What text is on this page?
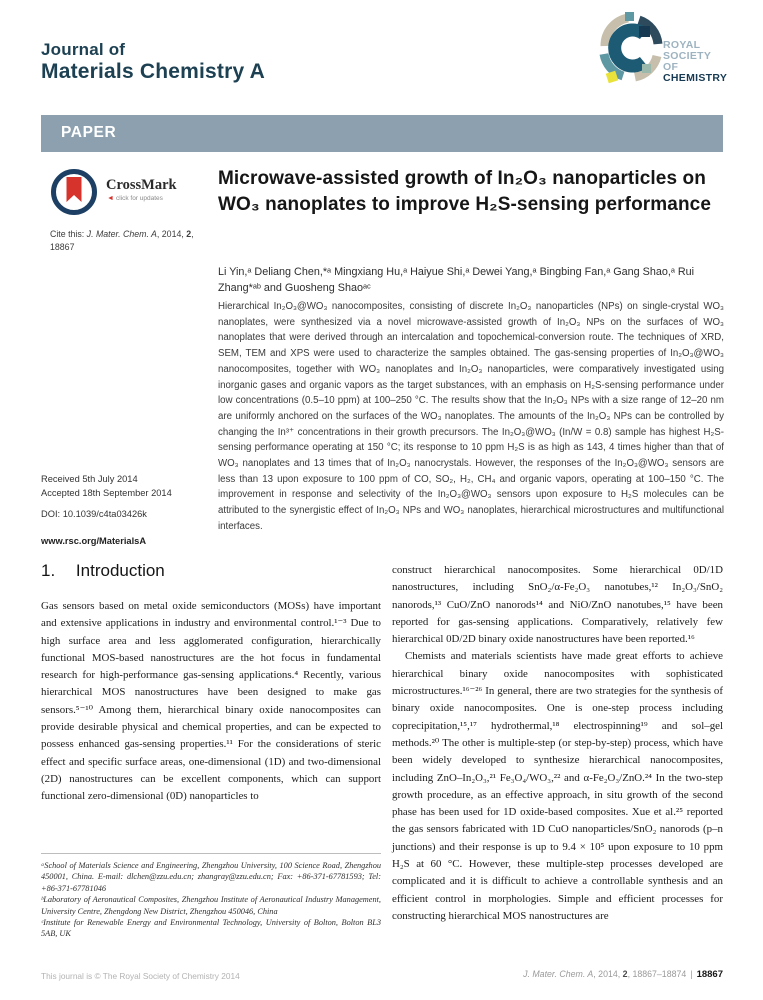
Journal of
Materials Chemistry A
ROYAL SOCIETY
OF CHEMISTRY
PAPER
CrossMark
◄ click for updates
Cite this: J. Mater. Chem. A, 2014, 2, 18867
Microwave-assisted growth of In₂O₃ nanoparticles on WO₃ nanoplates to improve H₂S-sensing performance
Li Yin,ᵃ Deliang Chen,*ᵃ Mingxiang Hu,ᵃ Haiyue Shi,ᵃ Dewei Yang,ᵃ Bingbing Fan,ᵃ Gang Shao,ᵃ Rui Zhang*ᵃᵇ and Guosheng Shaoᵃᶜ
Hierarchical In₂O₃@WO₃ nanocomposites, consisting of discrete In₂O₃ nanoparticles (NPs) on single-crystal WO₃ nanoplates, were synthesized via a novel microwave-assisted growth of In₂O₃ NPs on the surfaces of WO₃ nanoplates that were derived through an intercalation and topochemical-conversion route. The techniques of XRD, SEM, TEM and XPS were used to characterize the samples obtained. The gas-sensing properties of In₂O₃@WO₃ nanocomposites, together with WO₃ nanoplates and In₂O₃ nanoparticles, were comparatively investigated using inorganic gases and organic vapors as the target substances, with an emphasis on H₂S-sensing performance under low concentrations (0.5–10 ppm) at 100–250 °C. The results show that the In₂O₃ NPs with a size range of 12–20 nm are uniformly anchored on the surfaces of the WO₃ nanoplates. The amounts of the In₂O₃ NPs can be controlled by changing the In³⁺ concentrations in their growth precursors. The In₂O₃@WO₃ (In/W = 0.8) sample has highest H₂S-sensing performance operating at 150 °C; its response to 10 ppm H₂S is as high as 143, 4 times higher than that of WO₃ nanoplates and 13 times that of In₂O₃ nanocrystals. However, the responses of the In₂O₃@WO₃ sensors are less than 13 upon exposure to 100 ppm of CO, SO₂, H₂, CH₄ and organic vapors, operating at 100–150 °C. The improvement in response and selectivity of the In₂O₃@WO₃ sensors upon exposure to H₂S molecules can be attributed to the synergistic effect of In₂O₃ NPs and WO₃ nanoplates, hierarchical microstructures and multifunctional interfaces.
Received 5th July 2014
Accepted 18th September 2014
DOI: 10.1039/c4ta03426k
www.rsc.org/MaterialsA
1. Introduction

Gas sensors based on metal oxide semiconductors (MOSs) have important and extensive applications in industry and environmental control.¹⁻³ Due to high surface area and less agglomerated configuration, hierarchically functional MOS-based nanostructures are the hot focus in fundamental research for high-performance gas-sensing applications.⁴ Recently, various hierarchical MOS nanostructures have been designed to make gas sensors.⁵⁻¹⁰ Among them, hierarchical binary oxide nanocomposites can provide desirable physical and chemical properties, and can be expected to possess enhanced gas-sensing properties.¹¹ For the considerations of steric effect and specific surface areas, one-dimensional (1D) and two-dimensional (2D) nanostructures can be excellent components, which can support functional zero-dimensional (0D) nanoparticles to

construct hierarchical nanocomposites. Some hierarchical 0D/1D nanostructures, including SnO₂/α-Fe₂O₃ nanotubes,¹² In₂O₃/SnO₂ nanorods,¹³ CuO/ZnO nanorods¹⁴ and NiO/ZnO nanotubes,¹⁵ have been reported for gas-sensing applications. Comparatively, relatively few hierarchical 0D/2D binary oxide nanostructures have been reported.¹⁶

Chemists and materials scientists have made great efforts to achieve hierarchical binary oxide nanocomposites with sophisticated microstructures.¹⁶⁻²⁶ In general, there are two strategies for the synthesis of binary oxide nanocomposites. One is one-step process including coprecipitation,¹⁵,¹⁷ hydrothermal,¹⁸ electrospinning¹⁹ and sol–gel methods.²⁰ The other is multiple-step (or step-by-step) process, which have been widely developed to synthesize hierarchical nanocomposites, including ZnO–In₂O₃,²¹ Fe₃O₄/WO₃,²² and α-Fe₂O₃/ZnO.²⁴ In the two-step growth procedure, as an effective approach, in situ growth of the second phase has been used for 1D oxide-based composites. Xue et al.²⁵ reported the gas sensors fabricated with 1D CuO nanoparticles/SnO₂ nanorods (p–n junctions) and their response is up to 9.4 × 10⁵ upon exposure to 10 ppm H₂S at 60 °C. However, these multiple-step processes developed are complicated and it is difficult to achieve a controllable synthesis and an efficient control in morphologies. Simple and efficient processes for constructing hierarchical MOS nanostructures are

ᵃSchool of Materials Science and Engineering, Zhengzhou University, 100 Science Road, Zhengzhou 450001, China. E-mail: dlchen@zzu.edu.cn; zhangray@zzu.edu.cn; Fax: +86-371-67781593; Tel: +86-371-67781046
ᵇLaboratory of Aeronautical Composites, Zhengzhou Institute of Aeronautical Industry Management, University Centre, Zhengdong New District, Zhengzhou 450046, China
ᶜInstitute for Renewable Energy and Environmental Technology, University of Bolton, Bolton BL3 5AB, UK
This journal is © The Royal Society of Chemistry 2014	J. Mater. Chem. A, 2014, 2, 18867–18874 | 18867
